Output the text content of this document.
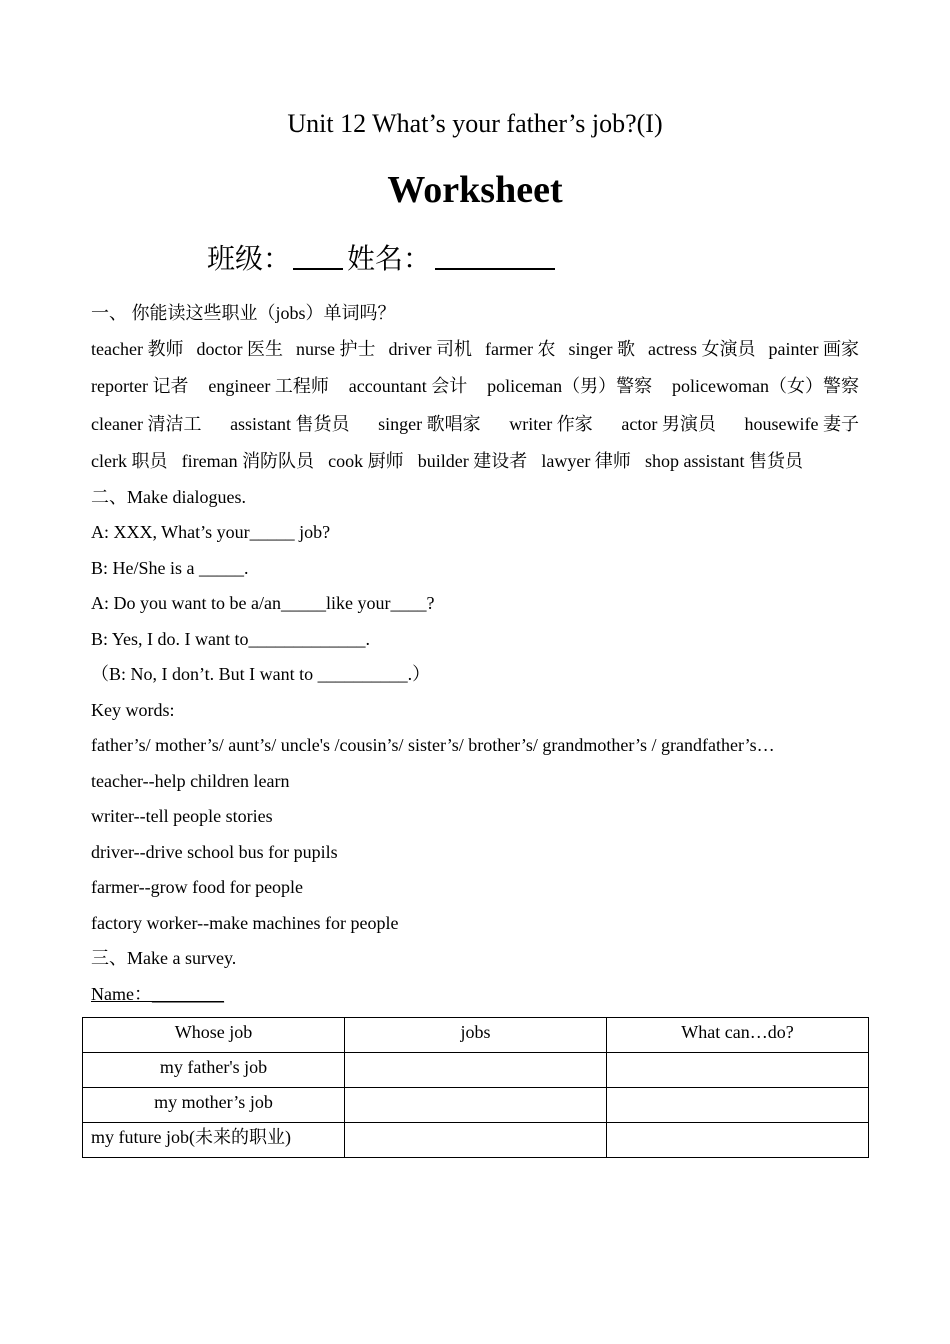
Unit 12 What’s your father’s job?(I)
Worksheet
班级： 姓名：
一、 你能读这些职业（jobs）单词吗？
teacher 教师 doctor 医生 nurse 护士 driver 司机 farmer 农 singer 歌 actress 女演员 painter 画家
reporter 记者 engineer 工程师 accountant 会计 policeman（男）警察 policewoman（女）警察
cleaner 清洁工 assistant 售货员 singer 歌唱家 writer 作家 actor 男演员 housewife 妻子
clerk 职员 fireman 消防队员 cook 厨师 builder 建设者 lawyer 律师 shop assistant 售货员
二、Make dialogues.
A: XXX, What’s your_____ job?
B: He/She is a _____.
A: Do you want to be a/an_____like your____?
B: Yes, I do. I want to_____________.
（B: No, I don’t. But I want to __________.）
Key words:
father’s/ mother’s/ aunt’s/ uncle's /cousin’s/ sister’s/ brother’s/ grandmother’s / grandfather’s…
teacher--help children learn
writer--tell people stories
driver--drive school bus for pupils
farmer--grow food for people
factory worker--make machines for people
三、Make a survey.
Name：________
Whose job	jobs	What can…do?
my father's job		
my mother’s job		
my future job(未来的职业)		
